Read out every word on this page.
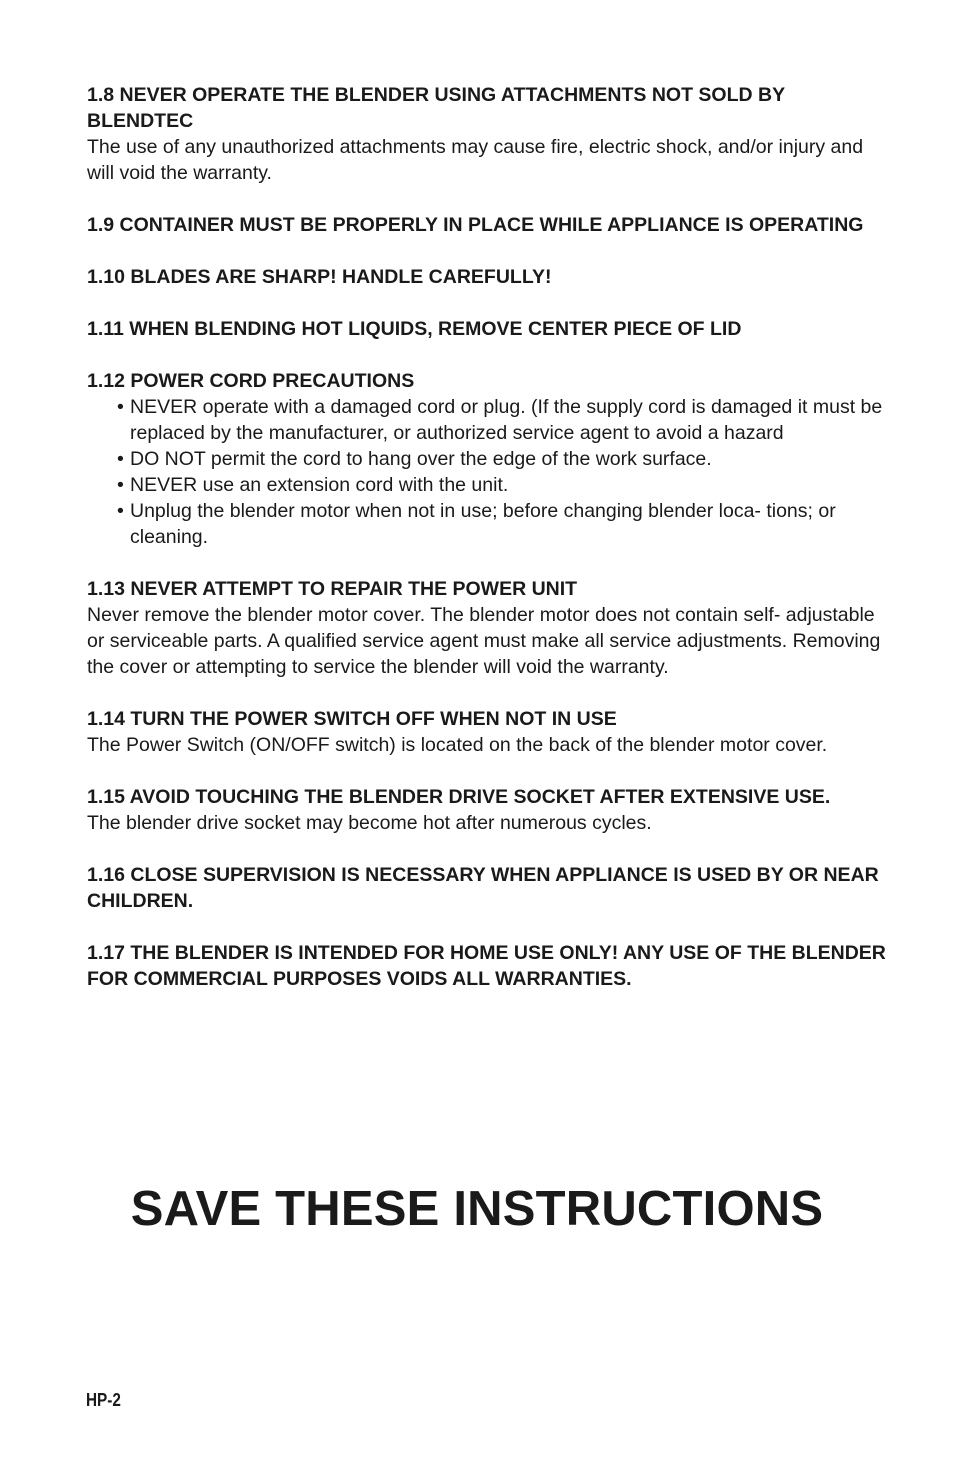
1.8 NEVER OPERATE THE BLENDER USING ATTACHMENTS NOT SOLD BY BLENDTEC

The use of any unauthorized attachments may cause fire, electric shock, and/or injury and will void the warranty.

1.9 CONTAINER MUST BE PROPERLY IN PLACE WHILE APPLIANCE IS OPERATING

1.10 BLADES ARE SHARP! HANDLE CAREFULLY!

1.11 WHEN BLENDING HOT LIQUIDS, REMOVE CENTER PIECE OF LID

1.12 POWER CORD PRECAUTIONS

• NEVER operate with a damaged cord or plug. (If the supply cord is damaged it must be replaced by the manufacturer, or authorized service agent to avoid a hazard
• DO NOT permit the cord to hang over the edge of the work surface.
• NEVER use an extension cord with the unit.
• Unplug the blender motor when not in use; before changing blender loca- tions; or cleaning.

1.13 NEVER ATTEMPT TO REPAIR THE POWER UNIT

Never remove the blender motor cover. The blender motor does not contain self- adjustable or serviceable parts. A qualified service agent must make all service adjustments. Removing the cover or attempting to service the blender will void the warranty.

1.14 TURN THE POWER SWITCH OFF WHEN NOT IN USE

The Power Switch (ON/OFF switch) is located on the back of the blender motor cover.

1.15 AVOID TOUCHING THE BLENDER DRIVE SOCKET AFTER EXTENSIVE USE.

The blender drive socket may become hot after numerous cycles.

1.16 CLOSE SUPERVISION IS NECESSARY WHEN APPLIANCE IS USED BY OR NEAR CHILDREN.

1.17 THE BLENDER IS INTENDED FOR HOME USE ONLY! ANY USE OF THE BLENDER FOR COMMERCIAL PURPOSES VOIDS ALL WARRANTIES.

SAVE THESE INSTRUCTIONS
HP-2
